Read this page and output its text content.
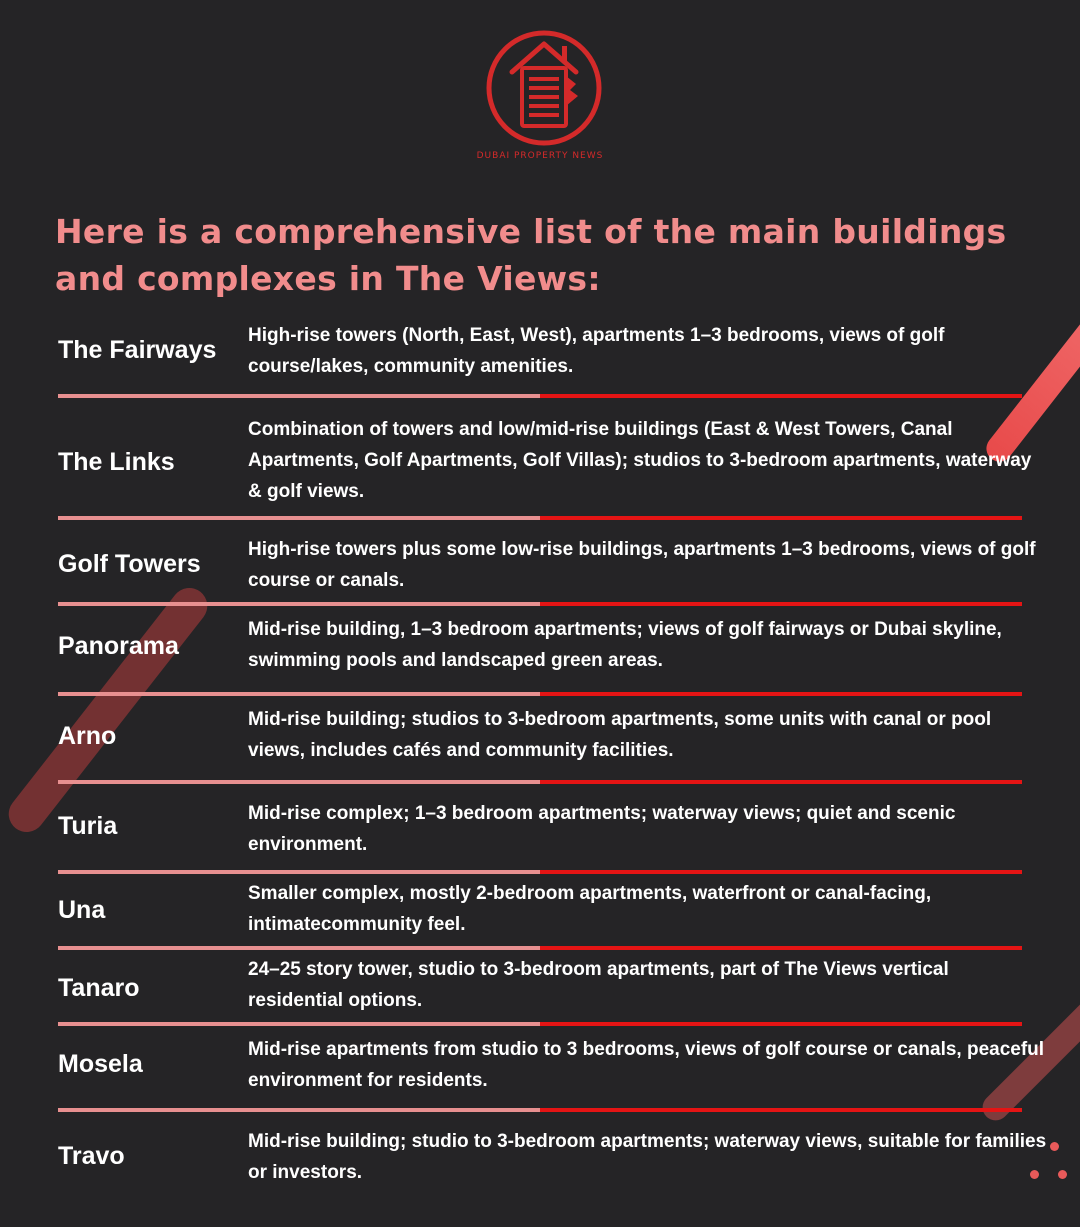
DUBAI PROPERTY NEWS
Here is a comprehensive list of the main buildings and complexes in The Views:
The Fairways
High-rise towers (North, East, West), apartments 1–3 bedrooms, views of golf course/lakes, community amenities.
The Links
Combination of towers and low/mid-rise buildings (East & West Towers, Canal Apartments, Golf Apartments, Golf Villas); studios to 3-bedroom apartments, waterway & golf views.
Golf Towers
High-rise towers plus some low-rise buildings, apartments 1–3 bedrooms, views of golf course or canals.
Panorama
Mid-rise building, 1–3 bedroom apartments; views of golf fairways or Dubai skyline, swimming pools and landscaped green areas.
Arno
Mid-rise building; studios to 3-bedroom apartments, some units with canal or pool views, includes cafés and community facilities.
Turia	Mid-rise complex; 1–3 bedroom apartments; waterway views; quiet and scenic environment.
Una
Smaller complex, mostly 2-bedroom apartments, waterfront or canal-facing, intimatecommunity feel.
Tanaro
24–25 story tower, studio to 3-bedroom apartments, part of The Views vertical residential options.
Mosela
Mid-rise apartments from studio to 3 bedrooms, views of golf course or canals, peaceful environment for residents.
Travo
Mid-rise building; studio to 3-bedroom apartments; waterway views, suitable for families or investors.
